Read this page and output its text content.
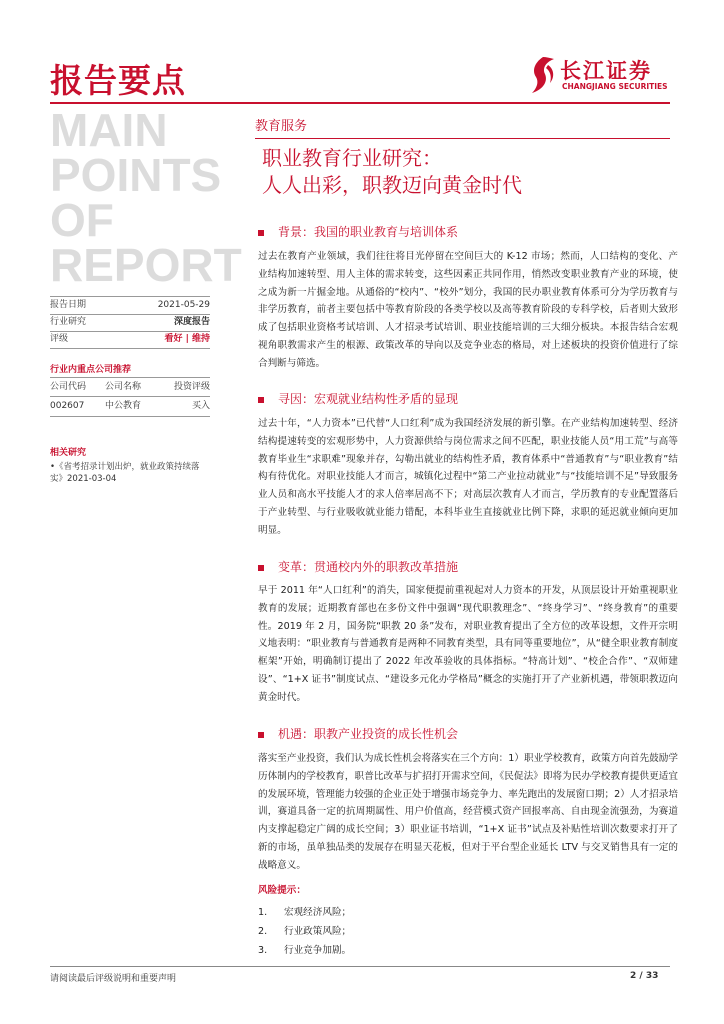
报告要点	长江证券
CHANGJIANG SECURITIES
MAIN
POINTS
OF
REPORT
教育服务
职业教育行业研究：
人人出彩，职教迈向黄金时代
报告日期	2021-05-29
行业研究	深度报告
评级	看好 | 维持
行业内重点公司推荐
公司代码 公司名称	投资评级
002607 中公教育	买入
相关研究
•《省考招录计划出炉，就业政策持续落实》2021-03-04
背景：我国的职业教育与培训体系
过去在教育产业领域，我们往往将目光停留在空间巨大的 K-12 市场；然而，人口结构的变化、产业结构加速转型、用人主体的需求转变，这些因素正共同作用，悄然改变职业教育产业的环境，使之成为新一片掘金地。从通俗的“校内”、“校外”划分，我国的民办职业教育体系可分为学历教育与非学历教育，前者主要包括中等教育阶段的各类学校以及高等教育阶段的专科学校，后者则大致形成了包括职业资格考试培训、人才招录考试培训、职业技能培训的三大细分板块。本报告结合宏观视角职教需求产生的根源、政策改革的导向以及竞争业态的格局，对上述板块的投资价值进行了综合判断与筛选。
寻因：宏观就业结构性矛盾的显现
过去十年，“人力资本”已代替“人口红利”成为我国经济发展的新引擎。在产业结构加速转型、经济结构提速转变的宏观形势中，人力资源供给与岗位需求之间不匹配，职业技能人员“用工荒”与高等教育毕业生“求职难”现象并存，勾勒出就业的结构性矛盾，教育体系中“普通教育”与“职业教育”结构有待优化。对职业技能人才而言，城镇化过程中“第二产业拉动就业”与“技能培训不足”导致服务业人员和高水平技能人才的求人倍率居高不下；对高层次教育人才而言，学历教育的专业配置落后于产业转型、与行业吸收就业能力错配，本科毕业生直接就业比例下降，求职的延迟就业倾向更加明显。
变革：贯通校内外的职教改革措施
早于 2011 年“人口红利”的消失，国家便提前重视起对人力资本的开发，从顶层设计开始重视职业教育的发展；近期教育部也在多份文件中强调“现代职教理念”、“终身学习”、“终身教育”的重要性。2019 年 2 月，国务院“职教 20 条”发布，对职业教育提出了全方位的改革设想，文件开宗明义地表明：“职业教育与普通教育是两种不同教育类型，具有同等重要地位”，从“健全职业教育制度框架”开始，明确制订提出了 2022 年改革验收的具体指标。“特高计划”、“校企合作”、“双师建设”、“1+X 证书”制度试点、“建设多元化办学格局”概念的实施打开了产业新机遇，带领职教迈向黄金时代。
机遇：职教产业投资的成长性机会
落实至产业投资，我们认为成长性机会将落实在三个方向：1）职业学校教育，政策方向首先鼓励学历体制内的学校教育，职普比改革与扩招打开需求空间，《民促法》即将为民办学校教育提供更适宜的发展环境，管理能力较强的企业正处于增强市场竞争力、率先跑出的发展窗口期；2）人才招录培训，赛道具备一定的抗周期属性、用户价值高，经营模式资产回报率高、自由现金流强劲，为赛道内支撑起稳定广阔的成长空间；3）职业证书培训，“1+X 证书”试点及补贴性培训次数要求打开了新的市场，虽单独品类的发展存在明显天花板，但对于平台型企业延长 LTV 与交叉销售具有一定的战略意义。
风险提示：
1. 宏观经济风险；
2. 行业政策风险；
3. 行业竞争加剧。
请阅读最后评级说明和重要声明	2 / 33
